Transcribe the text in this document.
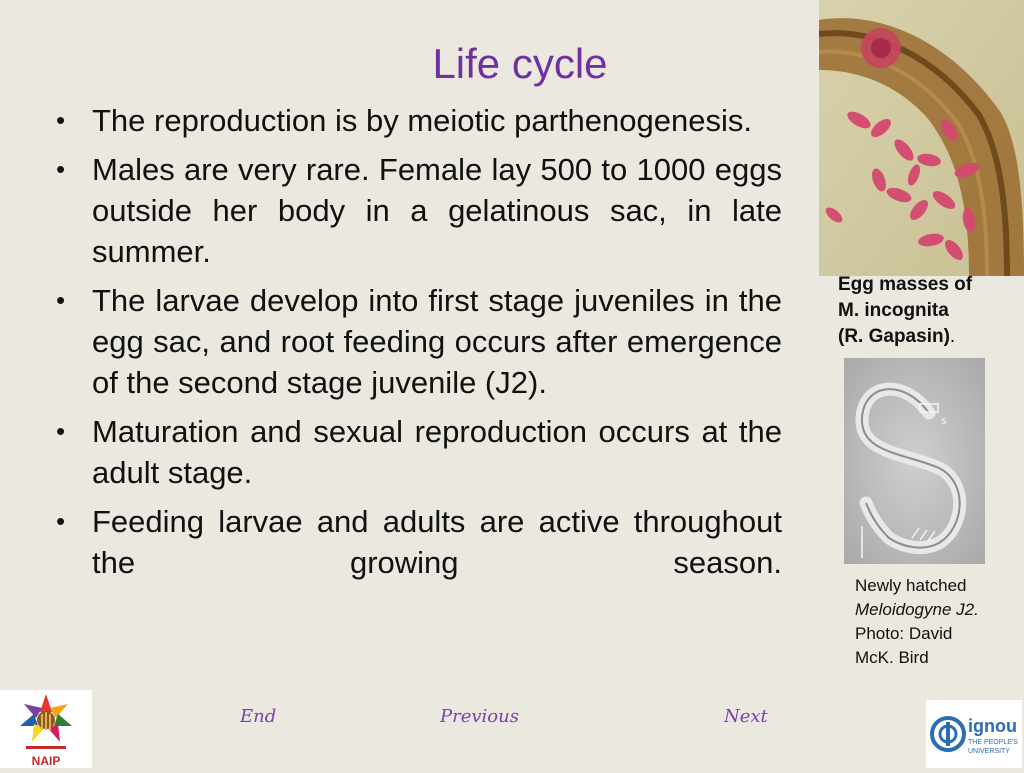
Life cycle
• The reproduction is by meiotic parthenogenesis.
• Males are very rare. Female lay 500 to 1000 eggs outside her body in a gelatinous sac, in late summer.
• The larvae develop into first stage juveniles in the egg sac, and root feeding occurs after emergence of the second stage juvenile (J2).
• Maturation and sexual reproduction occurs at the adult stage.
• Feeding larvae and adults are active throughout the growing season.
Egg masses of
M. incognita
(R. Gapasin).
s
Newly hatched
Meloidogyne J2.
Photo: David
McK. Bird
End	Previous	Next
NAIP
ignou
THE PEOPLE'S
UNIVERSITY
